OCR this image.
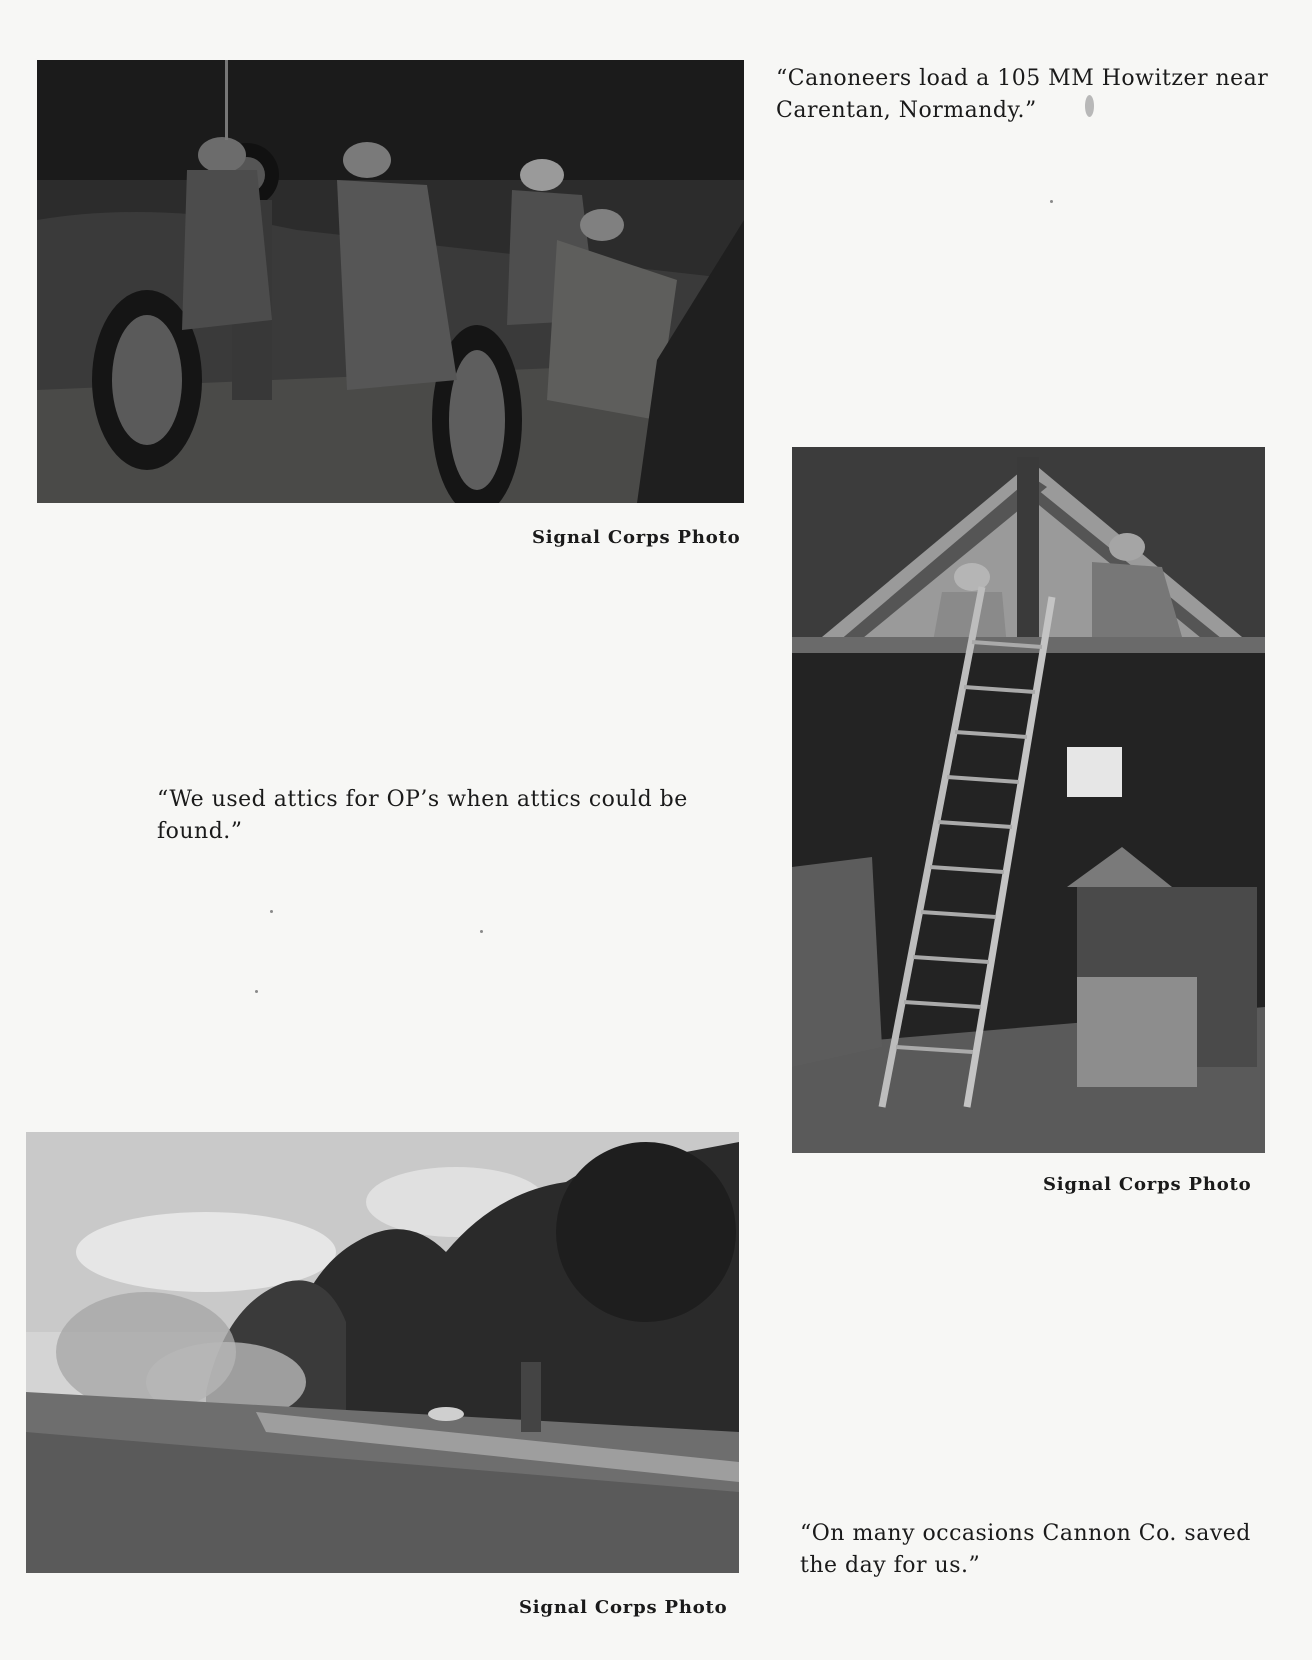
“Canoneers load a 105 MM Howitzer near Carentan, Normandy.”
Signal Corps Photo
Signal Corps Photo
“We used attics for OP’s when attics could be found.”
Signal Corps Photo
“On many occasions Cannon Co. saved the day for us.”
